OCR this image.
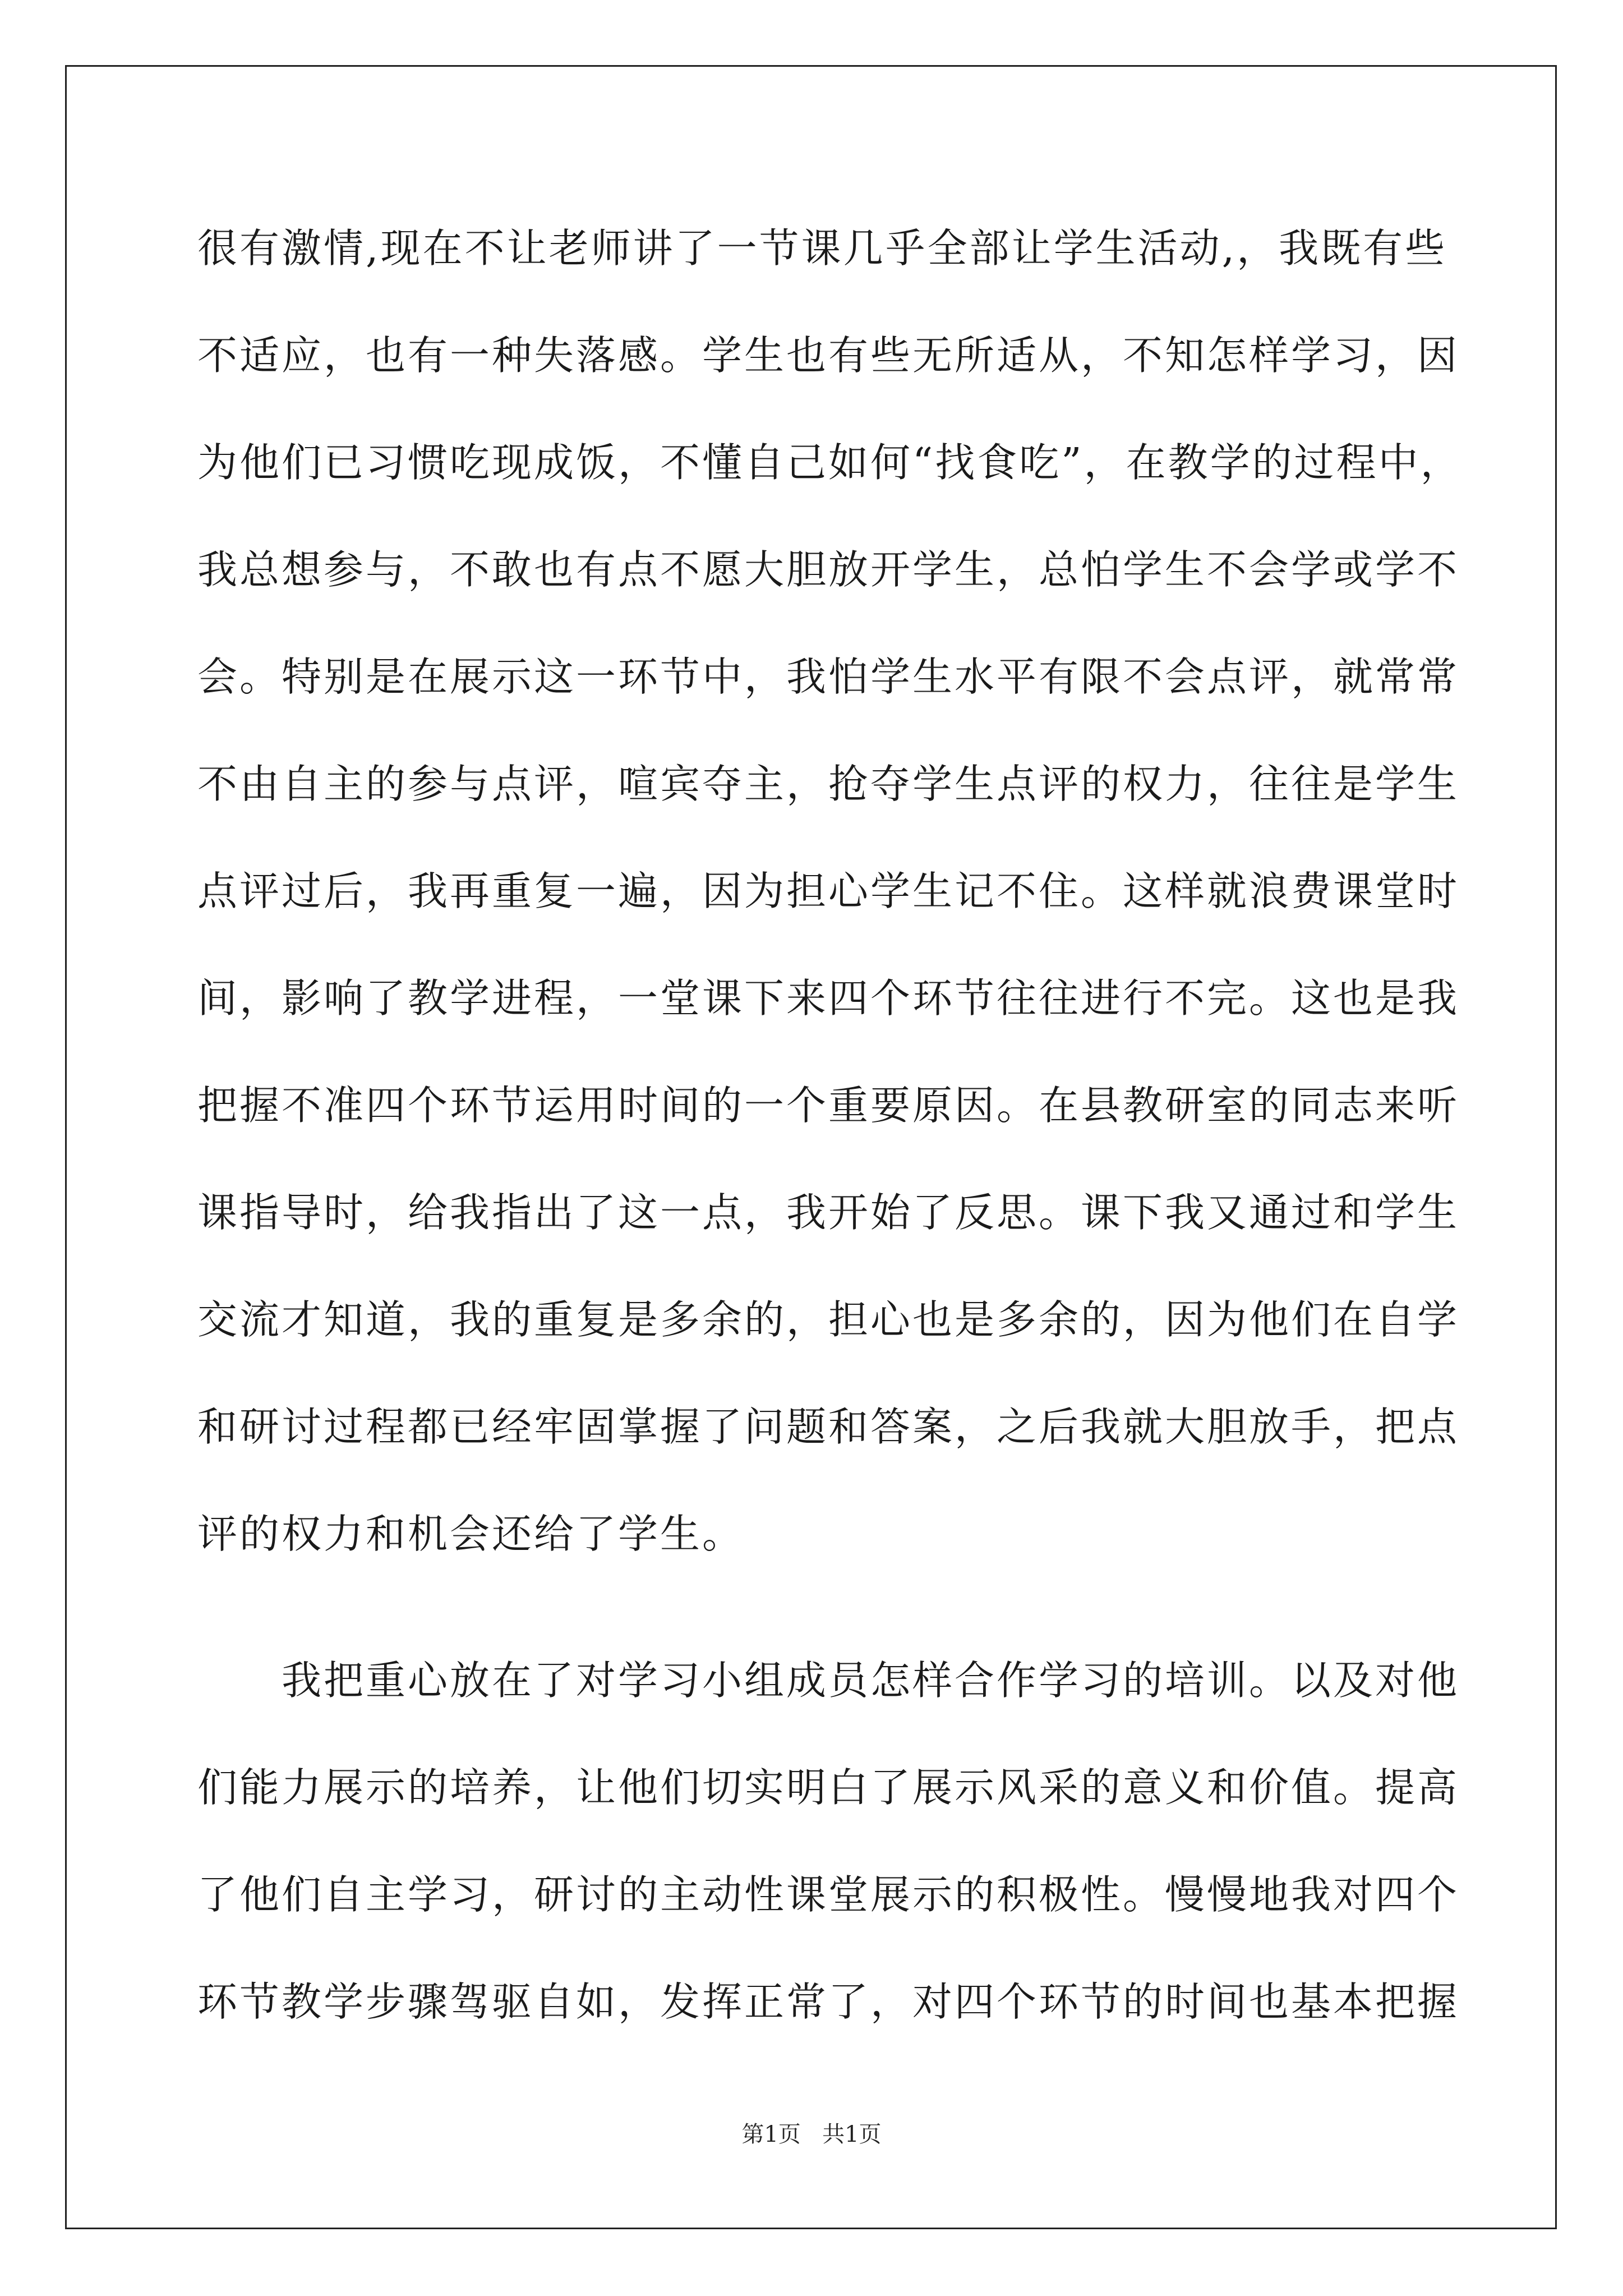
很有激情,现在不让老师讲了一节课几乎全部让学生活动,，我既有些
不适应，也有一种失落感。学生也有些无所适从，不知怎样学习，因
为他们已习惯吃现成饭，不懂自己如何“找食吃”，在教学的过程中，
我总想参与，不敢也有点不愿大胆放开学生，总怕学生不会学或学不
会。特别是在展示这一环节中，我怕学生水平有限不会点评，就常常
不由自主的参与点评，喧宾夺主，抢夺学生点评的权力，往往是学生
点评过后，我再重复一遍，因为担心学生记不住。这样就浪费课堂时
间，影响了教学进程，一堂课下来四个环节往往进行不完。这也是我
把握不准四个环节运用时间的一个重要原因。在县教研室的同志来听
课指导时，给我指出了这一点，我开始了反思。课下我又通过和学生
交流才知道，我的重复是多余的，担心也是多余的，因为他们在自学
和研讨过程都已经牢固掌握了问题和答案，之后我就大胆放手，把点
评的权力和机会还给了学生。
我把重心放在了对学习小组成员怎样合作学习的培训。以及对他
们能力展示的培养，让他们切实明白了展示风采的意义和价值。提高
了他们自主学习，研讨的主动性课堂展示的积极性。慢慢地我对四个
环节教学步骤驾驱自如，发挥正常了，对四个环节的时间也基本把握
第1页 共1页
